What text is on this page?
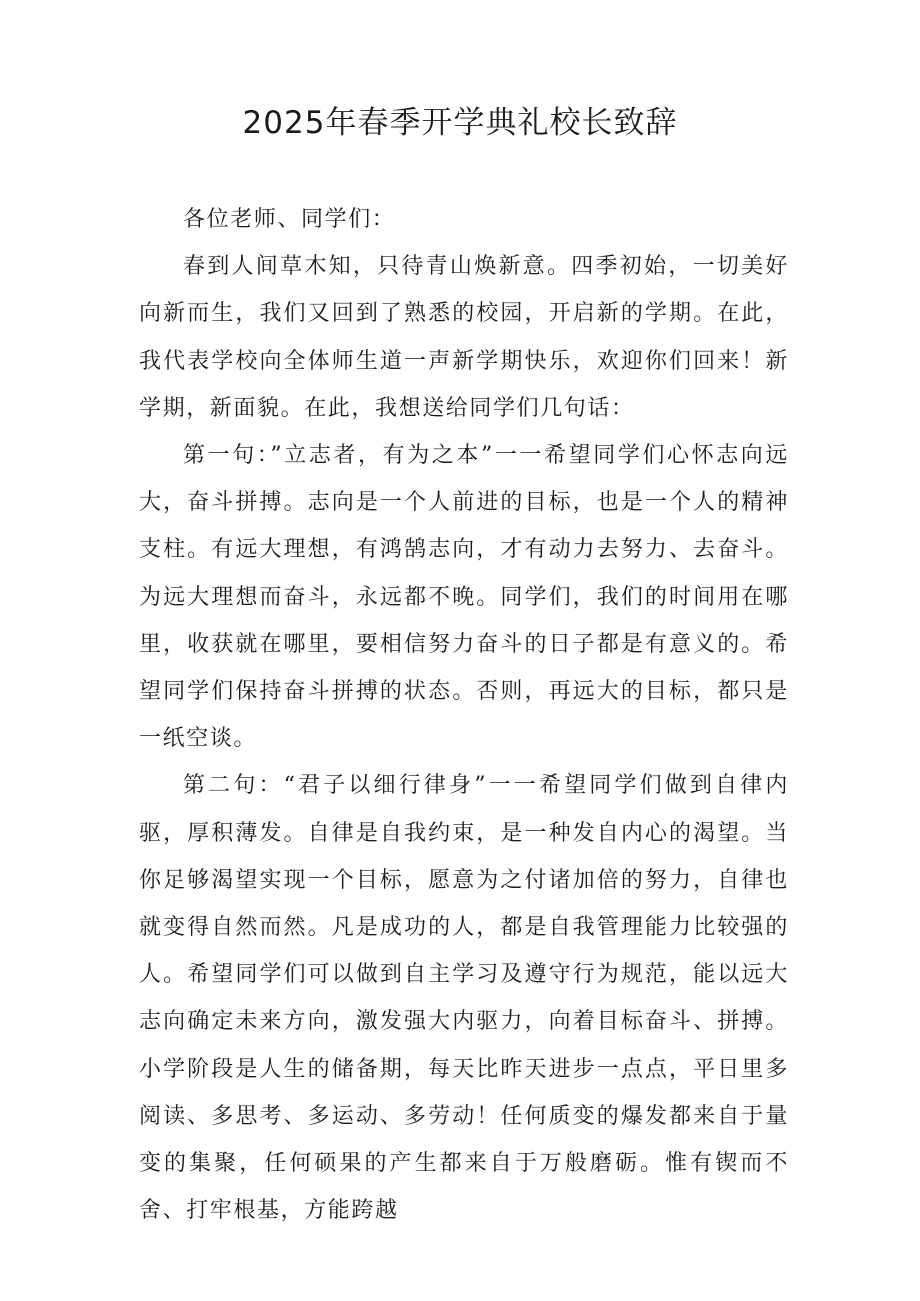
2025年春季开学典礼校长致辞

各位老师、同学们：

春到人间草木知，只待青山焕新意。四季初始，一切美好向新而生，我们又回到了熟悉的校园，开启新的学期。在此，我代表学校向全体师生道一声新学期快乐，欢迎你们回来！新学期，新面貌。在此，我想送给同学们几句话：

第一句：”立志者，有为之本”一一希望同学们心怀志向远大，奋斗拼搏。志向是一个人前进的目标，也是一个人的精神支柱。有远大理想，有鸿鹄志向，才有动力去努力、去奋斗。为远大理想而奋斗，永远都不晚。同学们，我们的时间用在哪里，收获就在哪里，要相信努力奋斗的日子都是有意义的。希望同学们保持奋斗拼搏的状态。否则，再远大的目标，都只是一纸空谈。

第二句：“君子以细行律身”一一希望同学们做到自律内驱，厚积薄发。自律是自我约束，是一种发自内心的渴望。当你足够渴望实现一个目标，愿意为之付诸加倍的努力，自律也就变得自然而然。凡是成功的人，都是自我管理能力比较强的人。希望同学们可以做到自主学习及遵守行为规范，能以远大志向确定未来方向，激发强大内驱力，向着目标奋斗、拼搏。小学阶段是人生的储备期，每天比昨天进步一点点，平日里多阅读、多思考、多运动、多劳动！任何质变的爆发都来自于量变的集聚，任何硕果的产生都来自于万般磨砺。惟有锲而不舍、打牢根基，方能跨越
